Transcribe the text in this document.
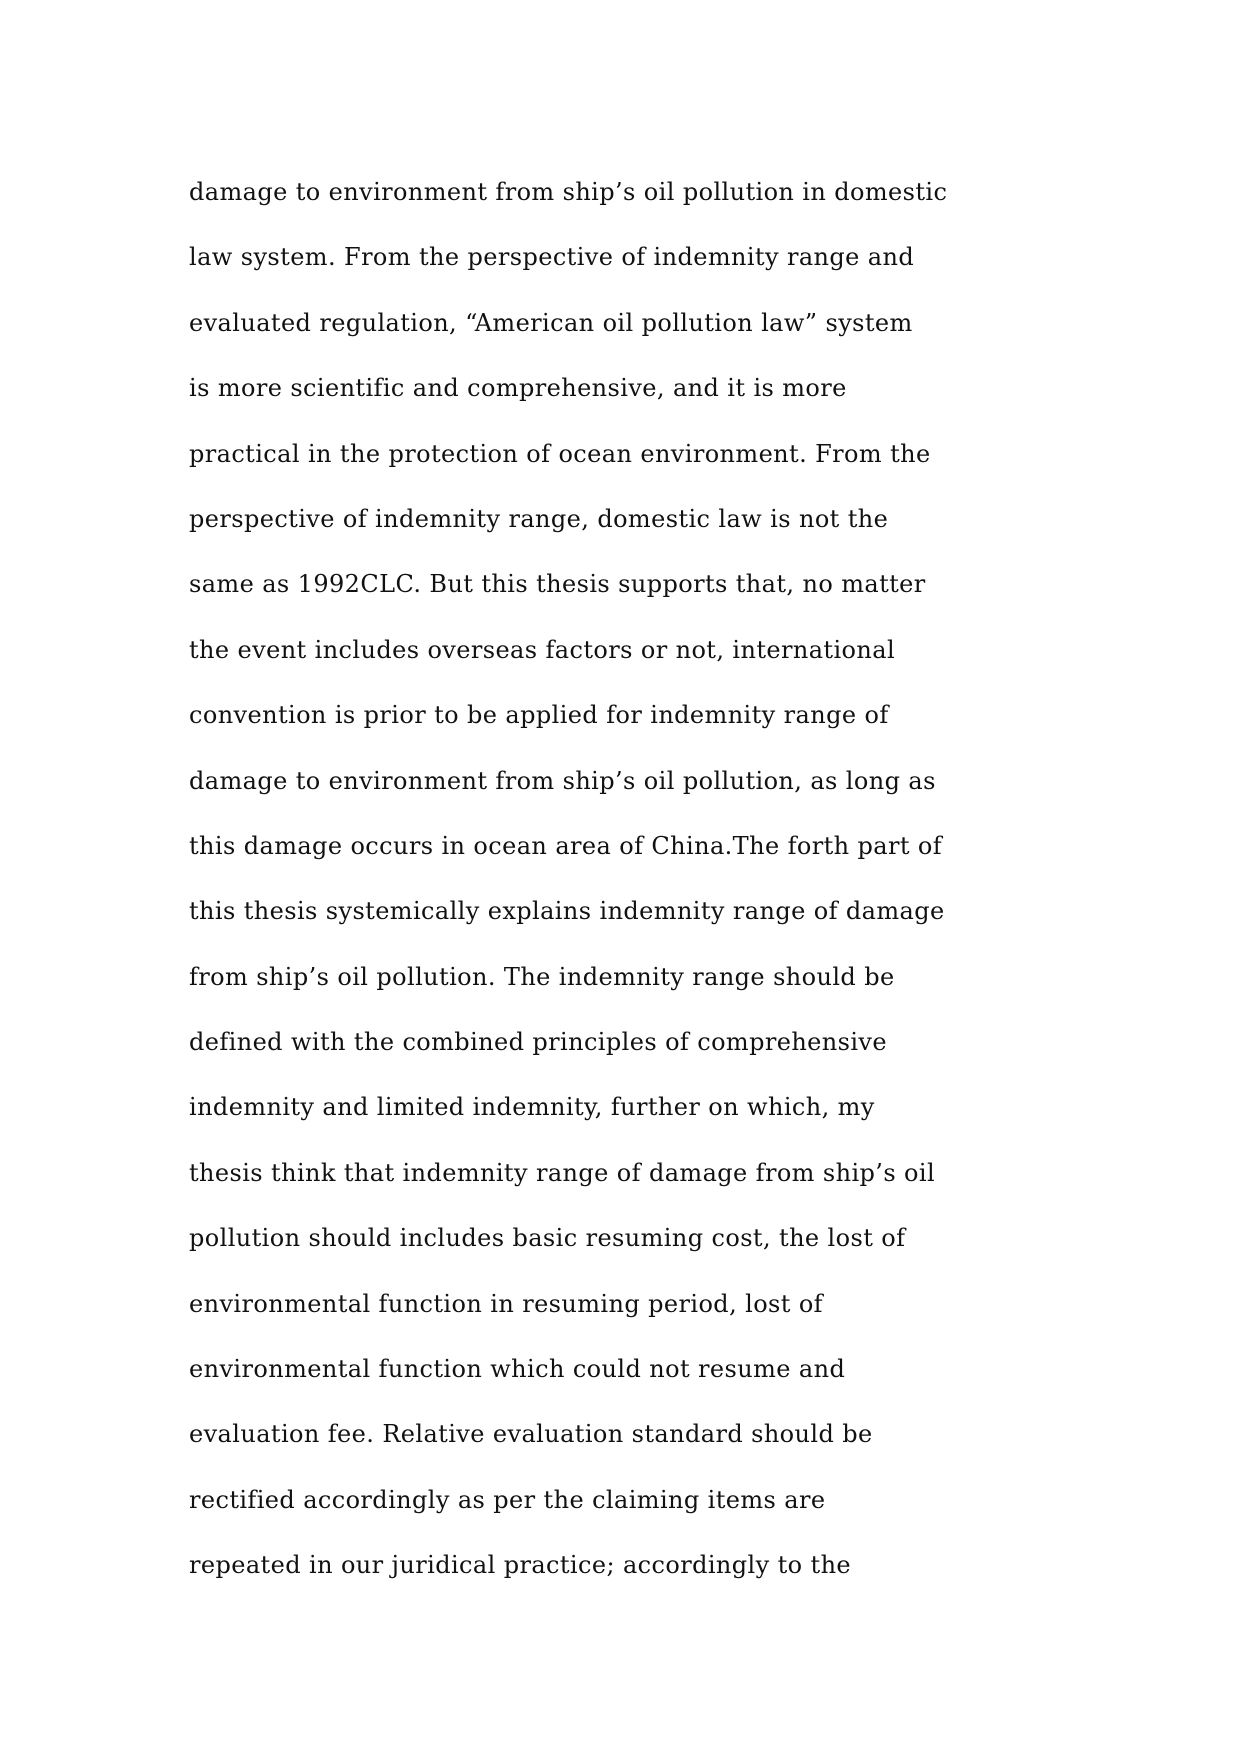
damage to environment from ship’s oil pollution in domestic
law system. From the perspective of indemnity range and
evaluated regulation, “American oil pollution law” system
is more scientific and comprehensive, and it is more
practical in the protection of ocean environment. From the
perspective of indemnity range, domestic law is not the
same as 1992CLC. But this thesis supports that, no matter
the event includes overseas factors or not, international
convention is prior to be applied for indemnity range of
damage to environment from ship’s oil pollution, as long as
this damage occurs in ocean area of China.The forth part of
this thesis systemically explains indemnity range of damage
from ship’s oil pollution. The indemnity range should be
defined with the combined principles of comprehensive
indemnity and limited indemnity, further on which, my
thesis think that indemnity range of damage from ship’s oil
pollution should includes basic resuming cost, the lost of
environmental function in resuming period, lost of
environmental function which could not resume and
evaluation fee. Relative evaluation standard should be
rectified accordingly as per the claiming items are
repeated in our juridical practice; accordingly to the
